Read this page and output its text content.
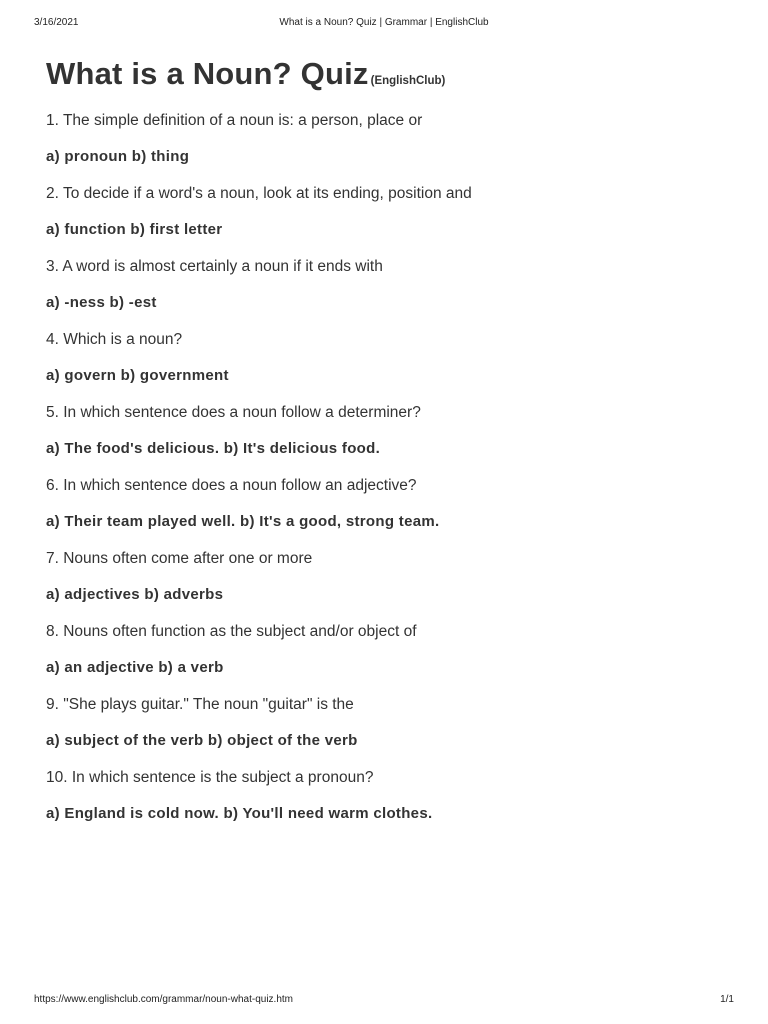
3/16/2021	What is a Noun? Quiz | Grammar | EnglishClub
What is a Noun? Quiz (EnglishClub)
1. The simple definition of a noun is: a person, place or
a) pronoun b) thing
2. To decide if a word's a noun, look at its ending, position and
a) function b) first letter
3. A word is almost certainly a noun if it ends with
a) -ness b) -est
4. Which is a noun?
a) govern b) government
5. In which sentence does a noun follow a determiner?
a) The food's delicious. b) It's delicious food.
6. In which sentence does a noun follow an adjective?
a) Their team played well. b) It's a good, strong team.
7. Nouns often come after one or more
a) adjectives b) adverbs
8. Nouns often function as the subject and/or object of
a) an adjective b) a verb
9. "She plays guitar." The noun "guitar" is the
a) subject of the verb b) object of the verb
10. In which sentence is the subject a pronoun?
a) England is cold now. b) You'll need warm clothes.
https://www.englishclub.com/grammar/noun-what-quiz.htm	1/1
